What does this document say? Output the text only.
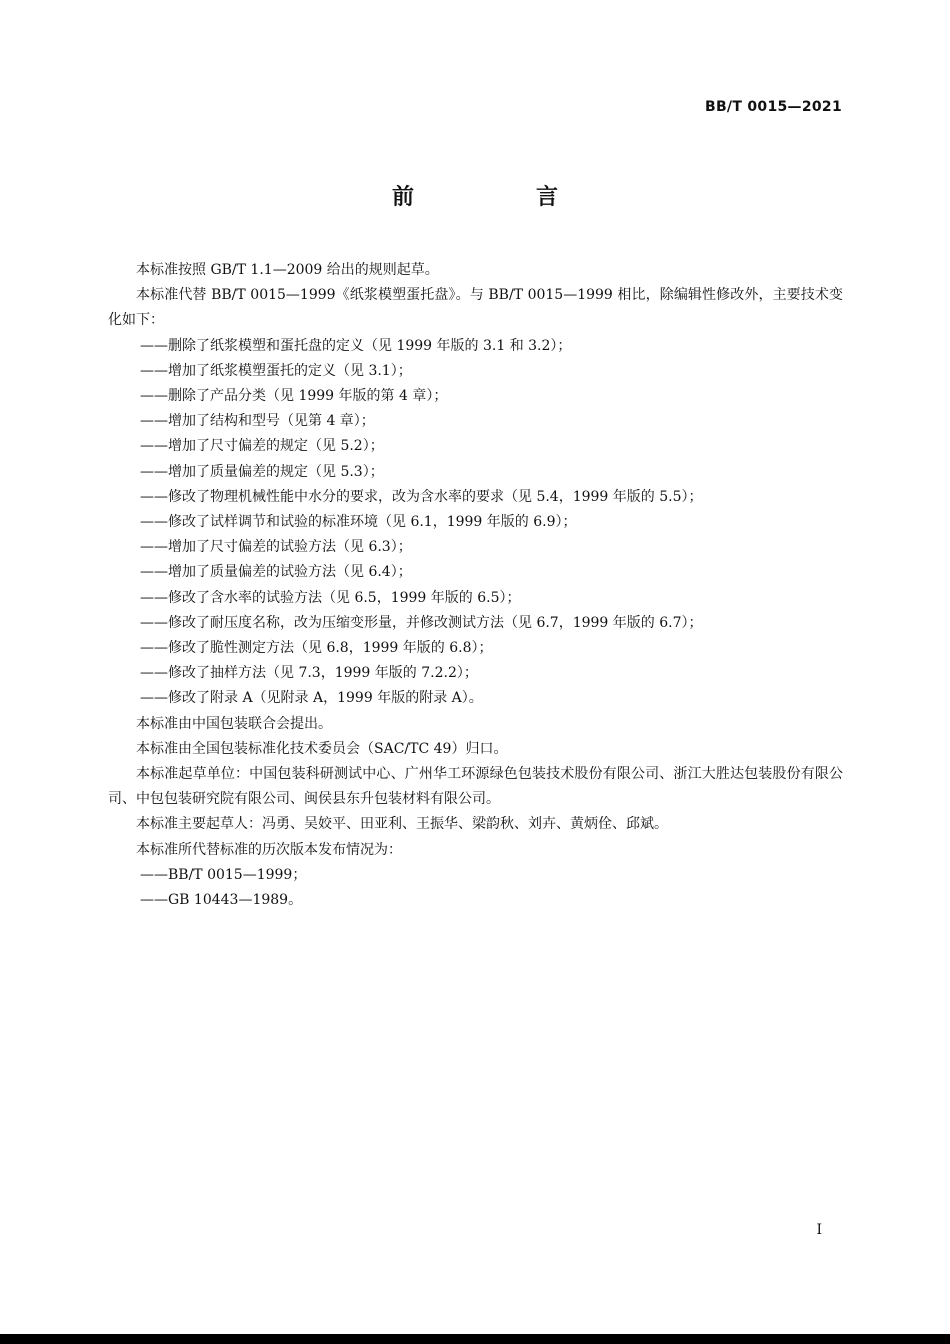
BB/T 0015—2021
前　言
本标准按照 GB/T 1.1—2009 给出的规则起草。
本标准代替 BB/T 0015—1999《纸浆模塑蛋托盘》。与 BB/T 0015—1999 相比，除编辑性修改外，主要技术变化如下：
——删除了纸浆模塑和蛋托盘的定义（见 1999 年版的 3.1 和 3.2）；
——增加了纸浆模塑蛋托的定义（见 3.1）；
——删除了产品分类（见 1999 年版的第 4 章）；
——增加了结构和型号（见第 4 章）；
——增加了尺寸偏差的规定（见 5.2）；
——增加了质量偏差的规定（见 5.3）；
——修改了物理机械性能中水分的要求，改为含水率的要求（见 5.4，1999 年版的 5.5）；
——修改了试样调节和试验的标准环境（见 6.1，1999 年版的 6.9）；
——增加了尺寸偏差的试验方法（见 6.3）；
——增加了质量偏差的试验方法（见 6.4）；
——修改了含水率的试验方法（见 6.5，1999 年版的 6.5）；
——修改了耐压度名称，改为压缩变形量，并修改测试方法（见 6.7，1999 年版的 6.7）；
——修改了脆性测定方法（见 6.8，1999 年版的 6.8）；
——修改了抽样方法（见 7.3，1999 年版的 7.2.2）；
——修改了附录 A（见附录 A，1999 年版的附录 A）。
本标准由中国包装联合会提出。
本标准由全国包装标准化技术委员会（SAC/TC 49）归口。
本标准起草单位：中国包装科研测试中心、广州华工环源绿色包装技术股份有限公司、浙江大胜达包装股份有限公司、中包包装研究院有限公司、闽侯县东升包装材料有限公司。
本标准主要起草人：冯勇、吴姣平、田亚利、王振华、梁韵秋、刘卉、黄炳佺、邱斌。
本标准所代替标准的历次版本发布情况为：
——BB/T 0015—1999；
——GB 10443—1989。
I
